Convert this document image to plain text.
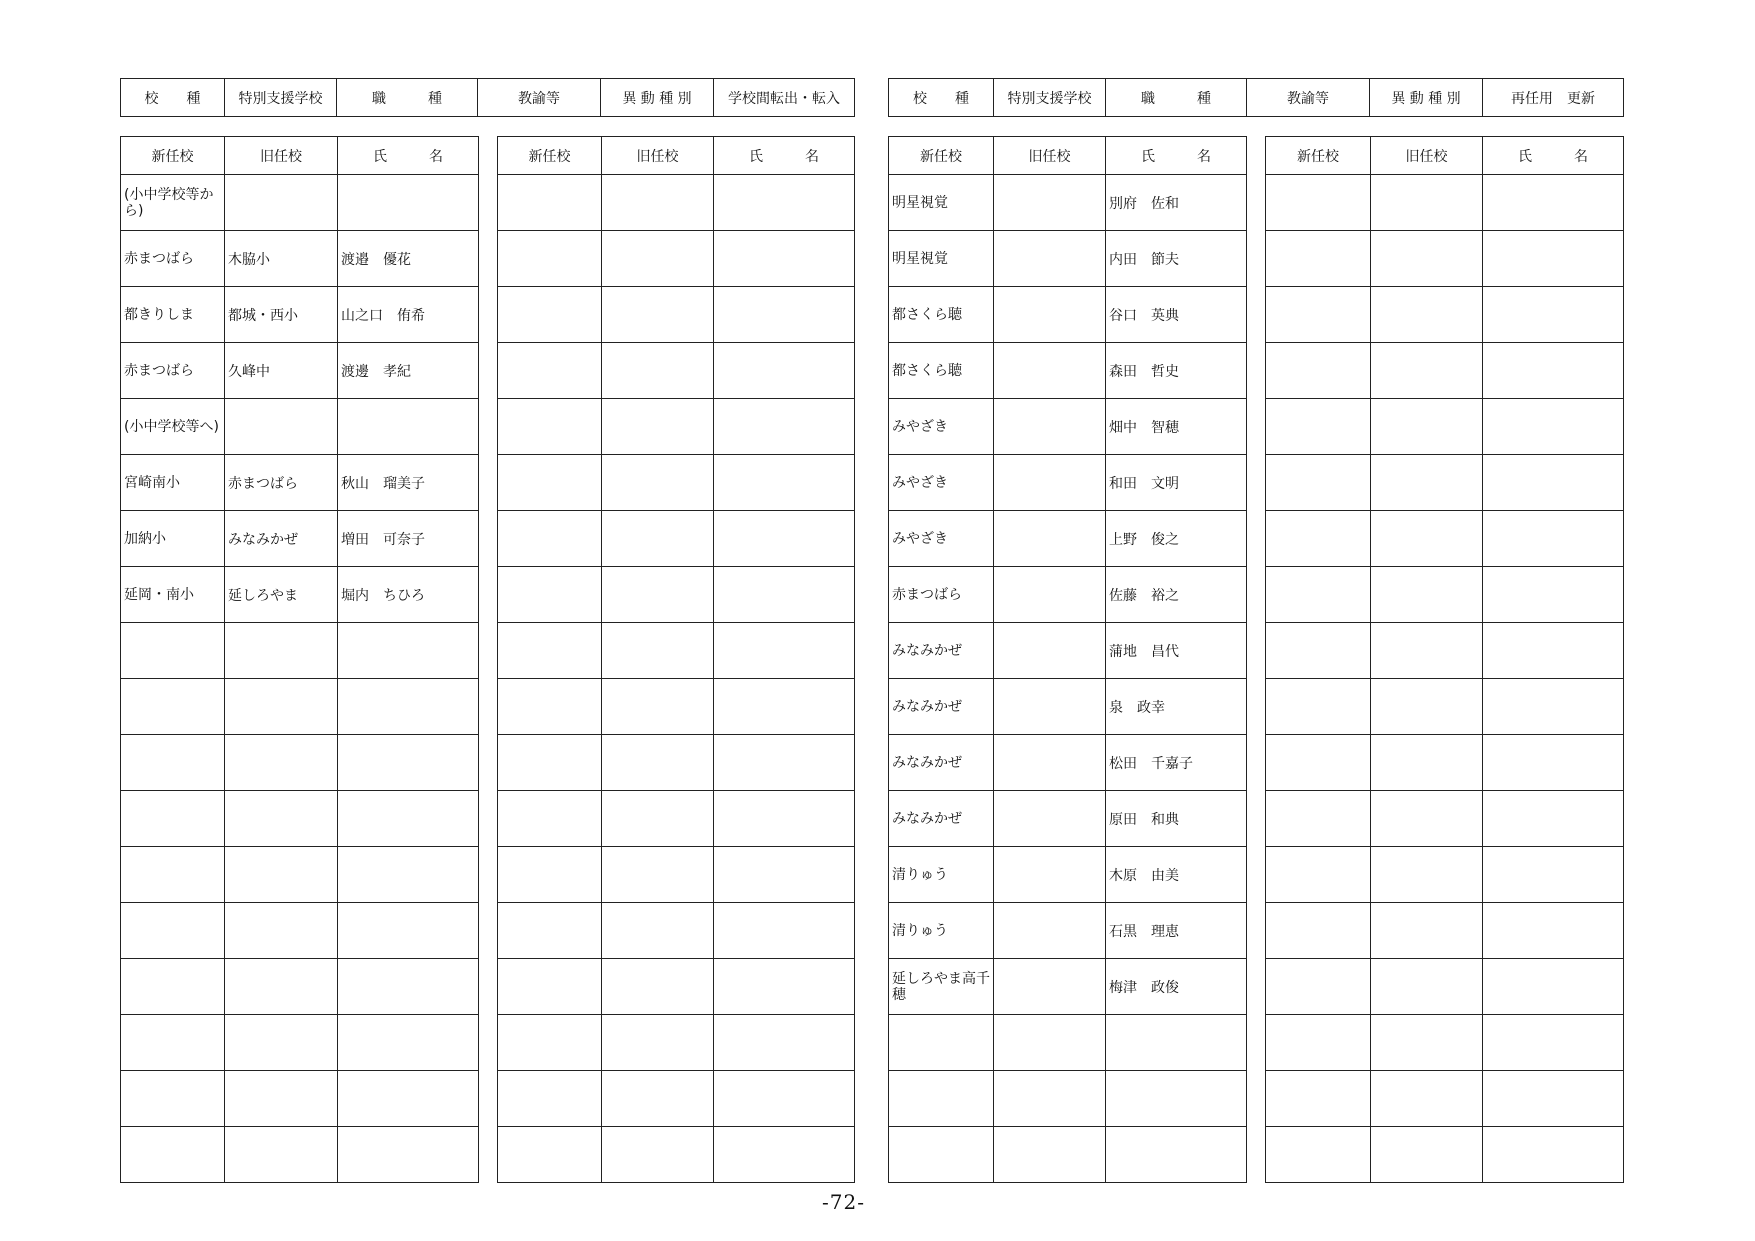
校　　種	特別支援学校	職　　　種	教諭等	異 動 種 別	学校間転出・転入	校　　種	特別支援学校	職　　　種	教諭等	異 動 種 別	再任用　更新
新任校	旧任校	氏　　　名
(小中学校等から)		
赤まつばら	木脇小	渡邉　優花
都きりしま	都城・西小	山之口　侑希
赤まつばら	久峰中	渡邊　孝紀
(小中学校等へ)		
宮崎南小	赤まつばら	秋山　瑠美子
加納小	みなみかぜ	増田　可奈子
延岡・南小	延しろやま	堀内　ちひろ

新任校	旧任校	氏　　　名

			新任校	旧任校	氏　　　名
明星視覚		別府　佐和
明星視覚		内田　節夫
都さくら聴		谷口　英典
都さくら聴		森田　哲史
みやざき		畑中　智穂
みやざき		和田　文明
みやざき		上野　俊之
赤まつばら		佐藤　裕之
みなみかぜ		蒲地　昌代
みなみかぜ		泉　政幸
みなみかぜ		松田　千嘉子
みなみかぜ		原田　和典
清りゅう		木原　由美
清りゅう		石黒　理恵
延しろやま高千穂		梅津　政俊

新任校	旧任校	氏　　　名

-72-
